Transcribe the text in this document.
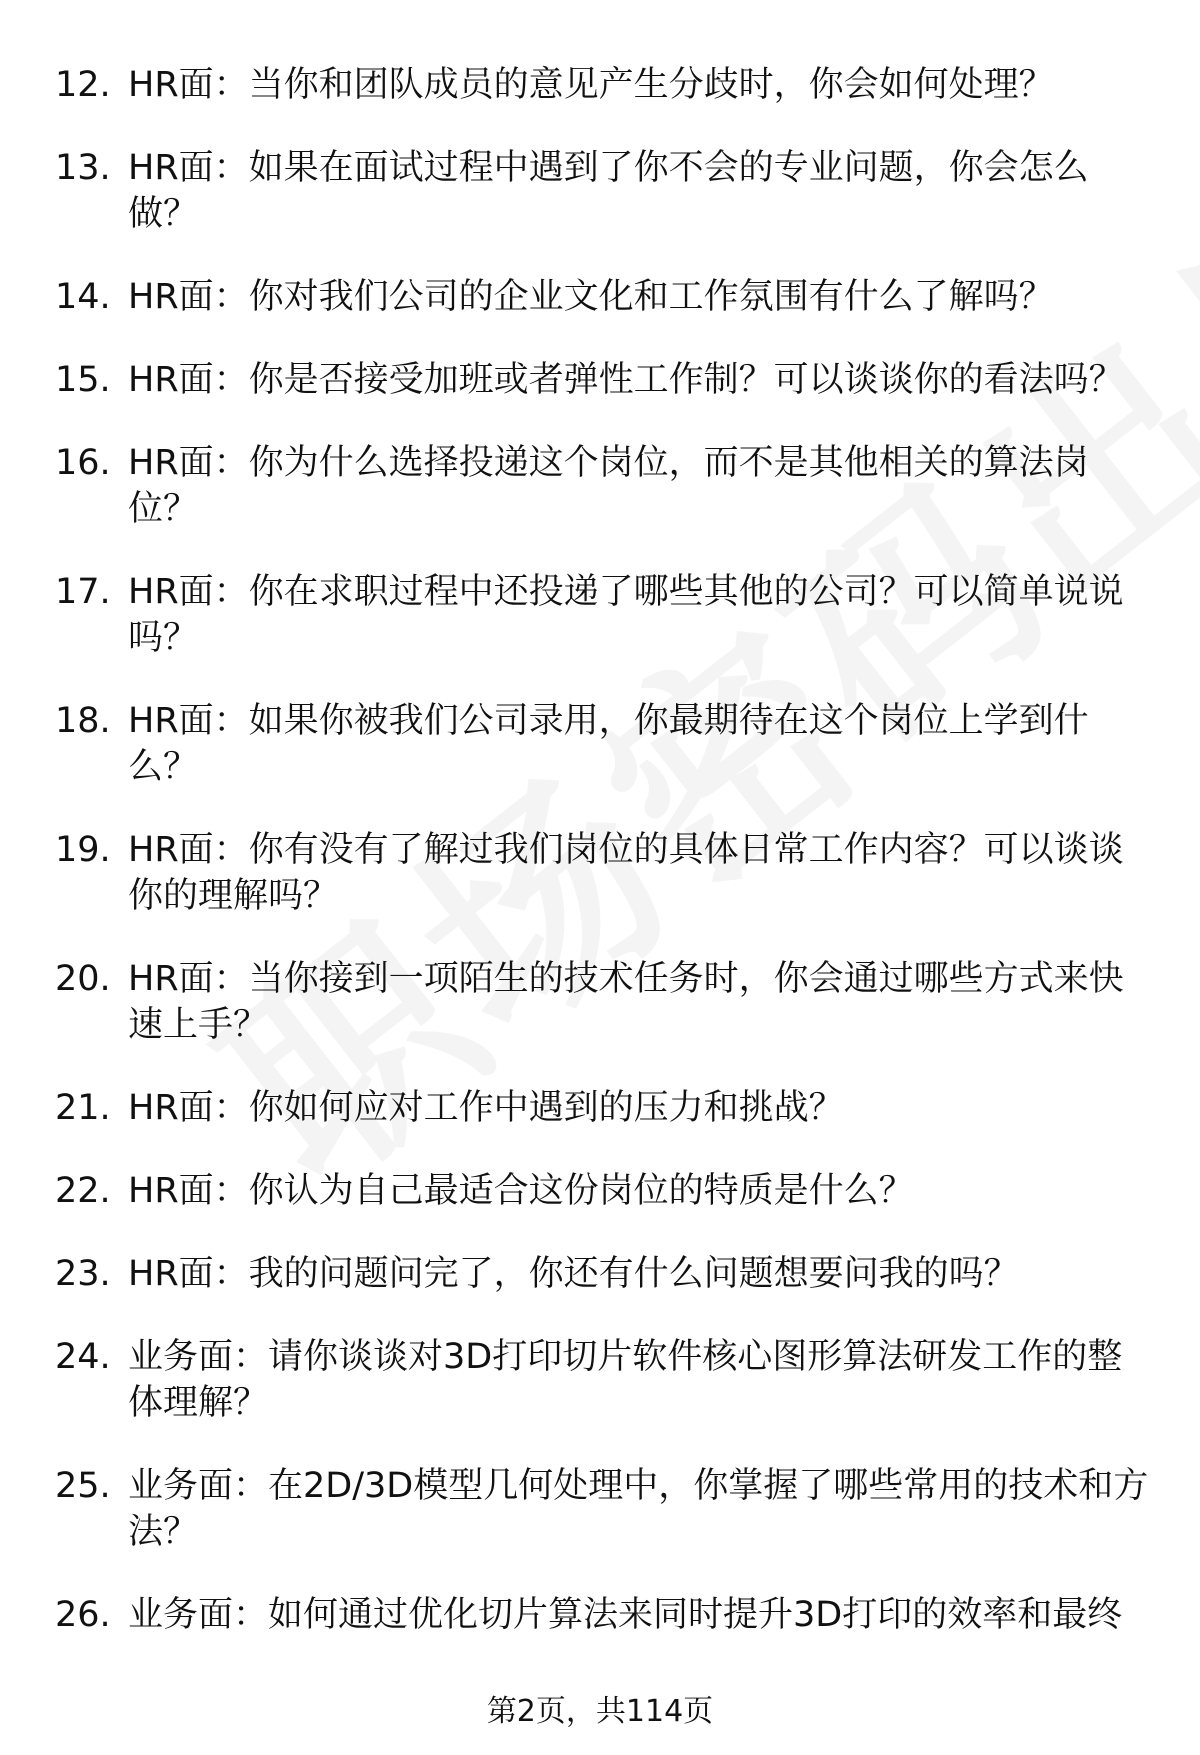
12. HR面：当你和团队成员的意见产生分歧时，你会如何处理？
13. HR面：如果在面试过程中遇到了你不会的专业问题，你会怎么做？
14. HR面：你对我们公司的企业文化和工作氛围有什么了解吗？
15. HR面：你是否接受加班或者弹性工作制？可以谈谈你的看法吗？
16. HR面：你为什么选择投递这个岗位，而不是其他相关的算法岗位？
17. HR面：你在求职过程中还投递了哪些其他的公司？可以简单说说吗？
18. HR面：如果你被我们公司录用，你最期待在这个岗位上学到什么？
19. HR面：你有没有了解过我们岗位的具体日常工作内容？可以谈谈你的理解吗？
20. HR面：当你接到一项陌生的技术任务时，你会通过哪些方式来快速上手？
21. HR面：你如何应对工作中遇到的压力和挑战？
22. HR面：你认为自己最适合这份岗位的特质是什么？
23. HR面：我的问题问完了，你还有什么问题想要问我的吗？
24. 业务面：请你谈谈对3D打印切片软件核心图形算法研发工作的整体理解？
25. 业务面：在2D/3D模型几何处理中，你掌握了哪些常用的技术和方法？
26. 业务面：如何通过优化切片算法来同时提升3D打印的效率和最终
第2页，共114页
